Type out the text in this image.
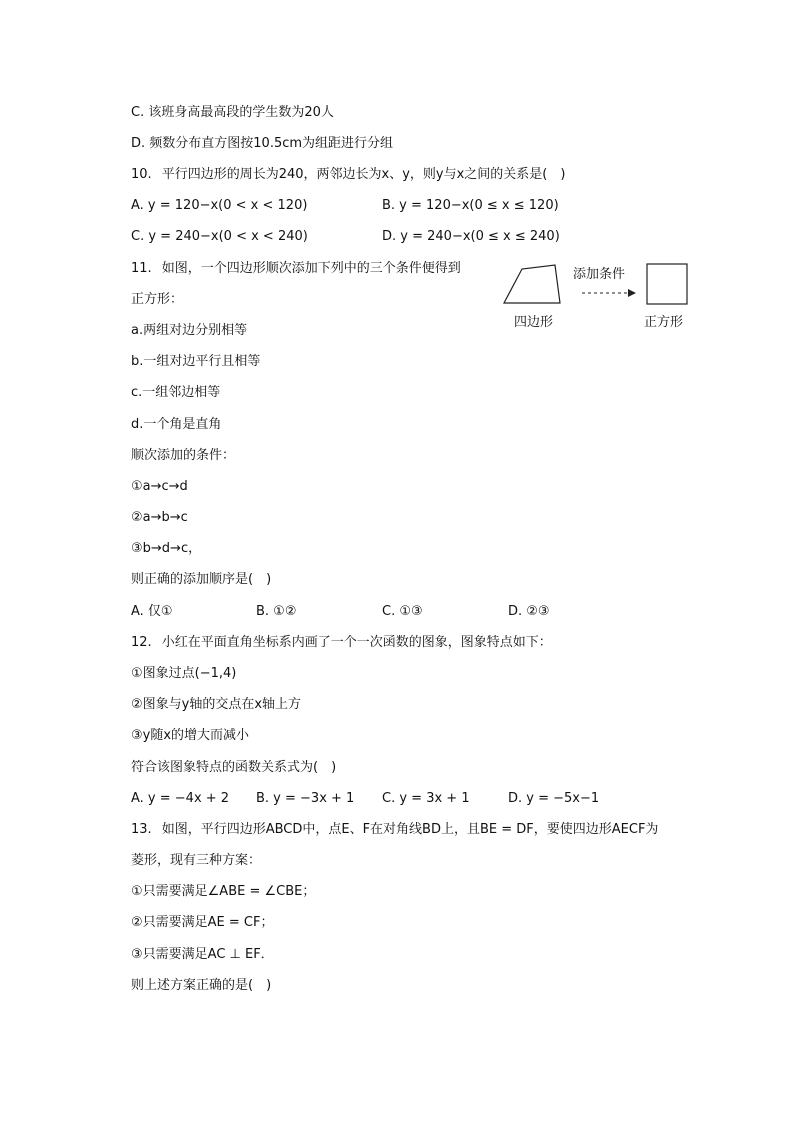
C. 该班身高最高段的学生数为20人
D. 频数分布直方图按10.5cm为组距进行分组
10. 平行四边形的周长为240，两邻边长为x、y，则y与x之间的关系是(　)
A. y = 120−x(0 < x < 120)	B. y = 120−x(0 ≤ x ≤ 120)
C. y = 240−x(0 < x < 240)	D. y = 240−x(0 ≤ x ≤ 240)
11. 如图，一个四边形顺次添加下列中的三个条件便得到
正方形：
四边形
添加条件
正方形
a.两组对边分别相等
b.一组对边平行且相等
c.一组邻边相等
d.一个角是直角
顺次添加的条件：
①a→c→d
②a→b→c
③b→d→c，
则正确的添加顺序是(　)
A. 仅①	B. ①②	C. ①③	D. ②③
12. 小红在平面直角坐标系内画了一个一次函数的图象，图象特点如下：
①图象过点(−1,4)
②图象与y轴的交点在x轴上方
③y随x的增大而减小
符合该图象特点的函数关系式为(　)
A. y = −4x + 2 B. y = −3x + 1 C. y = 3x + 1	D. y = −5x−1
13. 如图，平行四边形ABCD中，点E、F在对角线BD上，且BE = DF，要使四边形AECF为
菱形，现有三种方案：
①只需要满足∠ABE = ∠CBE；
②只需要满足AE = CF；
③只需要满足AC ⊥ EF．
则上述方案正确的是(　)
